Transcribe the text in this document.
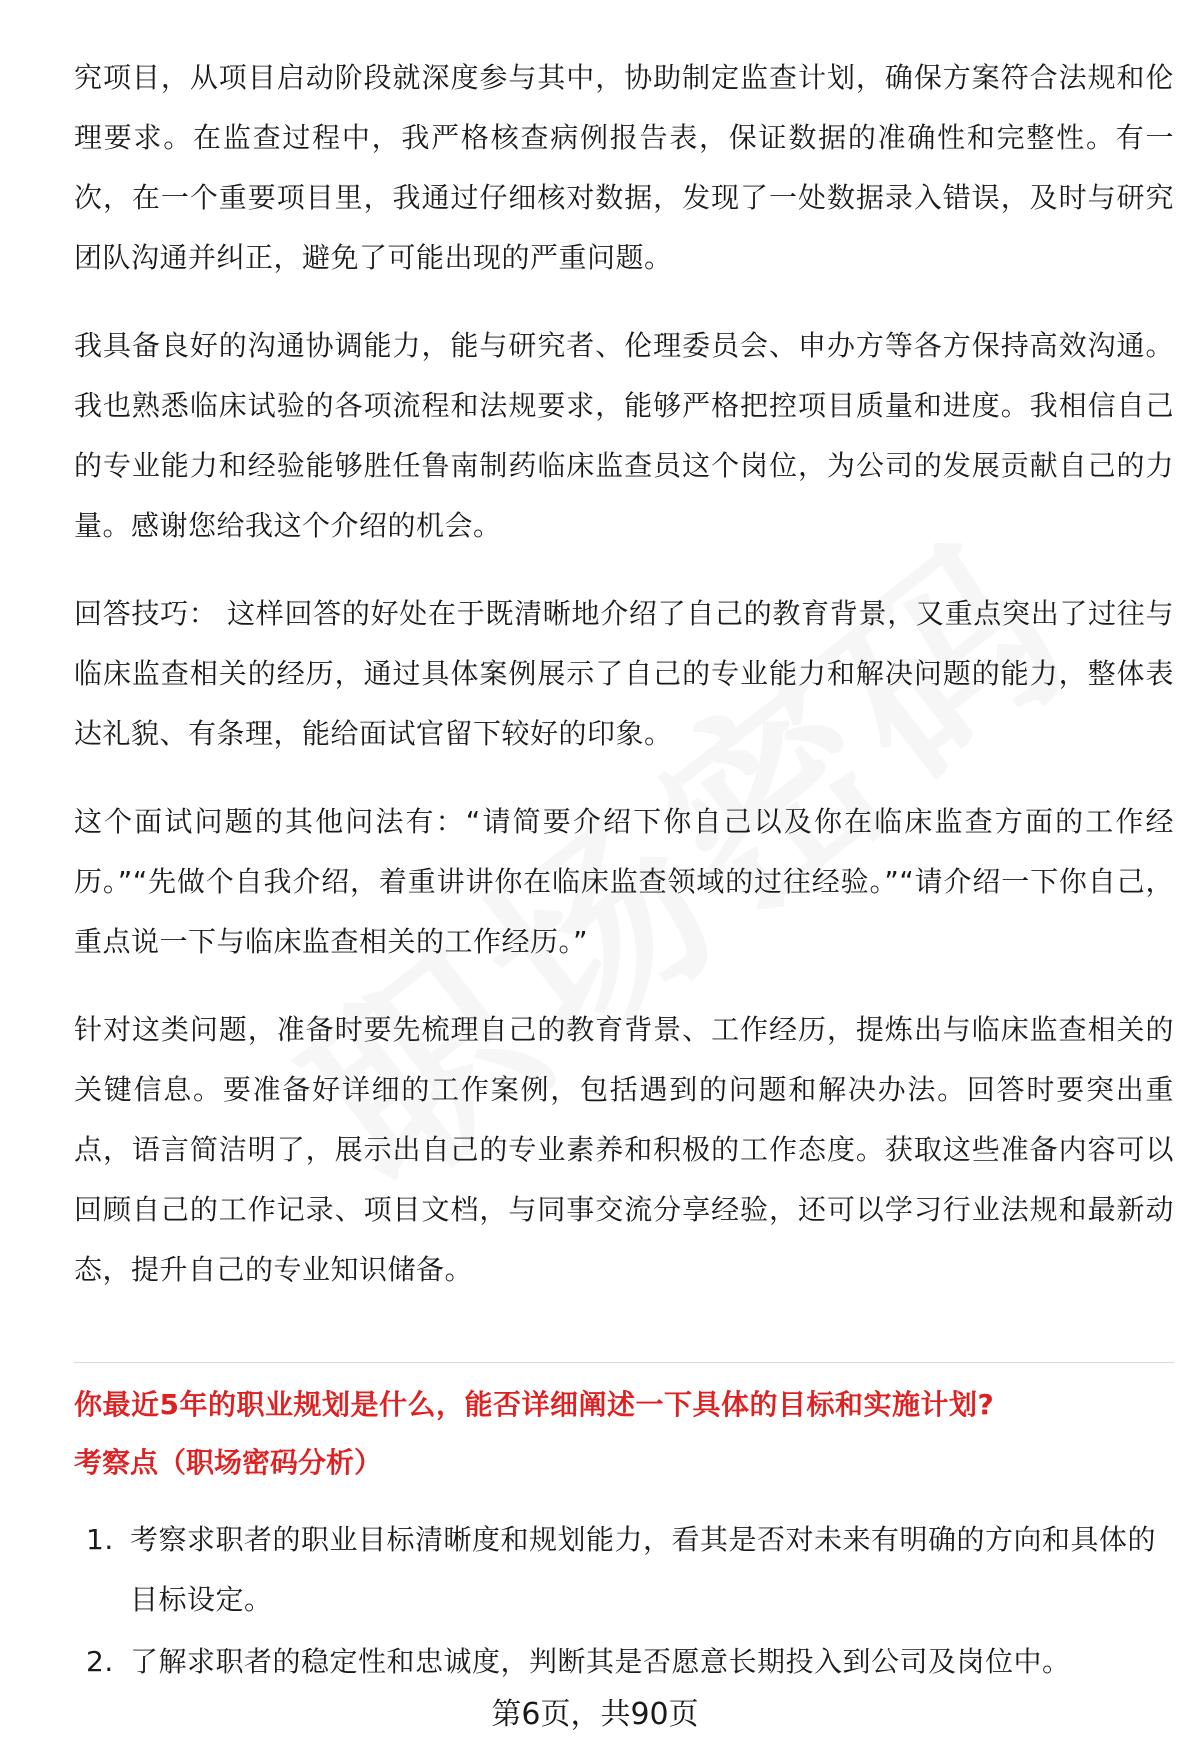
究项目，从项目启动阶段就深度参与其中，协助制定监查计划，确保方案符合法规和伦理要求。在监查过程中，我严格核查病例报告表，保证数据的准确性和完整性。有一次，在一个重要项目里，我通过仔细核对数据，发现了一处数据录入错误，及时与研究团队沟通并纠正，避免了可能出现的严重问题。

我具备良好的沟通协调能力，能与研究者、伦理委员会、申办方等各方保持高效沟通。我也熟悉临床试验的各项流程和法规要求，能够严格把控项目质量和进度。我相信自己的专业能力和经验能够胜任鲁南制药临床监查员这个岗位，为公司的发展贡献自己的力量。感谢您给我这个介绍的机会。

回答技巧： 这样回答的好处在于既清晰地介绍了自己的教育背景，又重点突出了过往与临床监查相关的经历，通过具体案例展示了自己的专业能力和解决问题的能力，整体表达礼貌、有条理，能给面试官留下较好的印象。

这个面试问题的其他问法有：“请简要介绍下你自己以及你在临床监查方面的工作经历。”“先做个自我介绍，着重讲讲你在临床监查领域的过往经验。”“请介绍一下你自己，重点说一下与临床监查相关的工作经历。”

针对这类问题，准备时要先梳理自己的教育背景、工作经历，提炼出与临床监查相关的关键信息。要准备好详细的工作案例，包括遇到的问题和解决办法。回答时要突出重点，语言简洁明了，展示出自己的专业素养和积极的工作态度。获取这些准备内容可以回顾自己的工作记录、项目文档，与同事交流分享经验，还可以学习行业法规和最新动态，提升自己的专业知识储备。

你最近5年的职业规划是什么，能否详细阐述一下具体的目标和实施计划?
考察点（职场密码分析）
1. 考察求职者的职业目标清晰度和规划能力，看其是否对未来有明确的方向和具体的目标设定。
2. 了解求职者的稳定性和忠诚度，判断其是否愿意长期投入到公司及岗位中。
第6页，共90页
